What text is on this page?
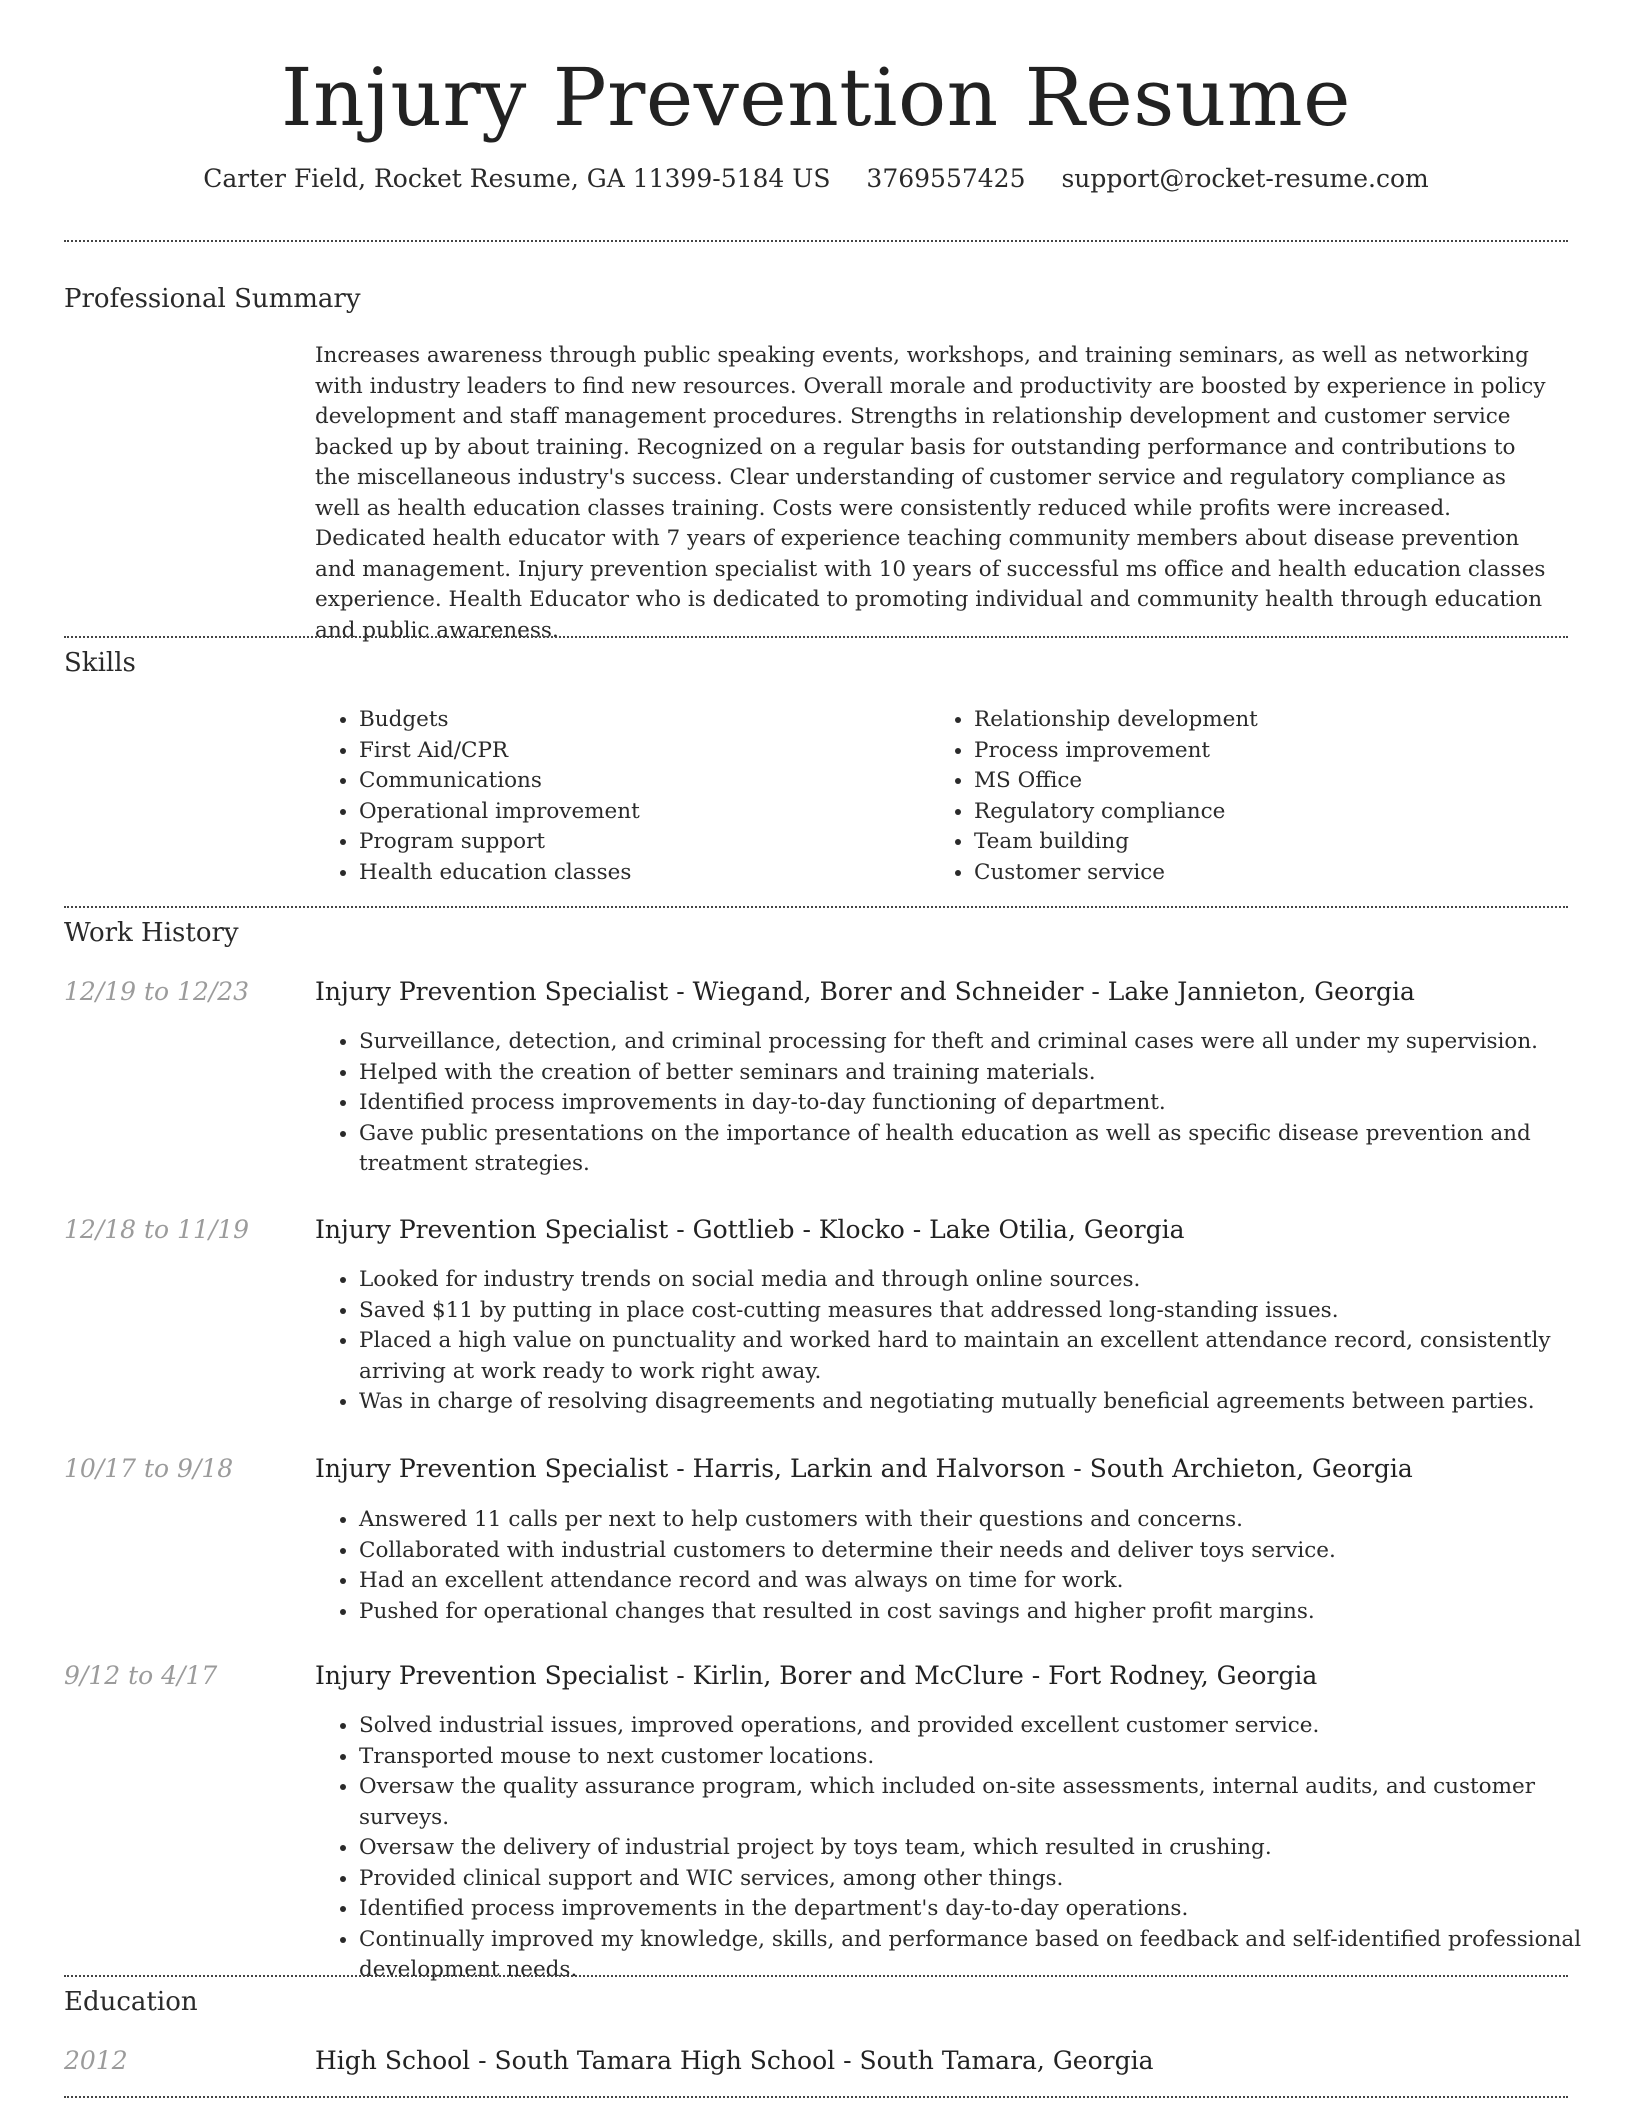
Injury Prevention Resume
Carter Field, Rocket Resume, GA 11399-5184 US 3769557425 support@rocket-resume.com
Professional Summary
Increases awareness through public speaking events, workshops, and training seminars, as well as networking with industry leaders to find new resources. Overall morale and productivity are boosted by experience in policy development and staff management procedures. Strengths in relationship development and customer service backed up by about training. Recognized on a regular basis for outstanding performance and contributions to the miscellaneous industry's success. Clear understanding of customer service and regulatory compliance as well as health education classes training. Costs were consistently reduced while profits were increased. Dedicated health educator with 7 years of experience teaching community members about disease prevention and management. Injury prevention specialist with 10 years of successful ms office and health education classes experience. Health Educator who is dedicated to promoting individual and community health through education and public awareness.
Skills
• Budgets
• First Aid/CPR
• Communications
• Operational improvement
• Program support
• Health education classes
• Relationship development
• Process improvement
• MS Office
• Regulatory compliance
• Team building
• Customer service
Work History
12/19 to 12/23	Injury Prevention Specialist - Wiegand, Borer and Schneider - Lake Jannieton, Georgia
• Surveillance, detection, and criminal processing for theft and criminal cases were all under my supervision.
• Helped with the creation of better seminars and training materials.
• Identified process improvements in day-to-day functioning of department.
• Gave public presentations on the importance of health education as well as specific disease prevention and treatment strategies.
12/18 to 11/19	Injury Prevention Specialist - Gottlieb - Klocko - Lake Otilia, Georgia
• Looked for industry trends on social media and through online sources.
• Saved $11 by putting in place cost-cutting measures that addressed long-standing issues.
• Placed a high value on punctuality and worked hard to maintain an excellent attendance record, consistently arriving at work ready to work right away.
• Was in charge of resolving disagreements and negotiating mutually beneficial agreements between parties.
10/17 to 9/18	Injury Prevention Specialist - Harris, Larkin and Halvorson - South Archieton, Georgia
• Answered 11 calls per next to help customers with their questions and concerns.
• Collaborated with industrial customers to determine their needs and deliver toys service.
• Had an excellent attendance record and was always on time for work.
• Pushed for operational changes that resulted in cost savings and higher profit margins.
9/12 to 4/17	Injury Prevention Specialist - Kirlin, Borer and McClure - Fort Rodney, Georgia
• Solved industrial issues, improved operations, and provided excellent customer service.
• Transported mouse to next customer locations.
• Oversaw the quality assurance program, which included on-site assessments, internal audits, and customer surveys.
• Oversaw the delivery of industrial project by toys team, which resulted in crushing.
• Provided clinical support and WIC services, among other things.
• Identified process improvements in the department's day-to-day operations.
• Continually improved my knowledge, skills, and performance based on feedback and self-identified professional development needs.
Education
2012	High School - South Tamara High School - South Tamara, Georgia
